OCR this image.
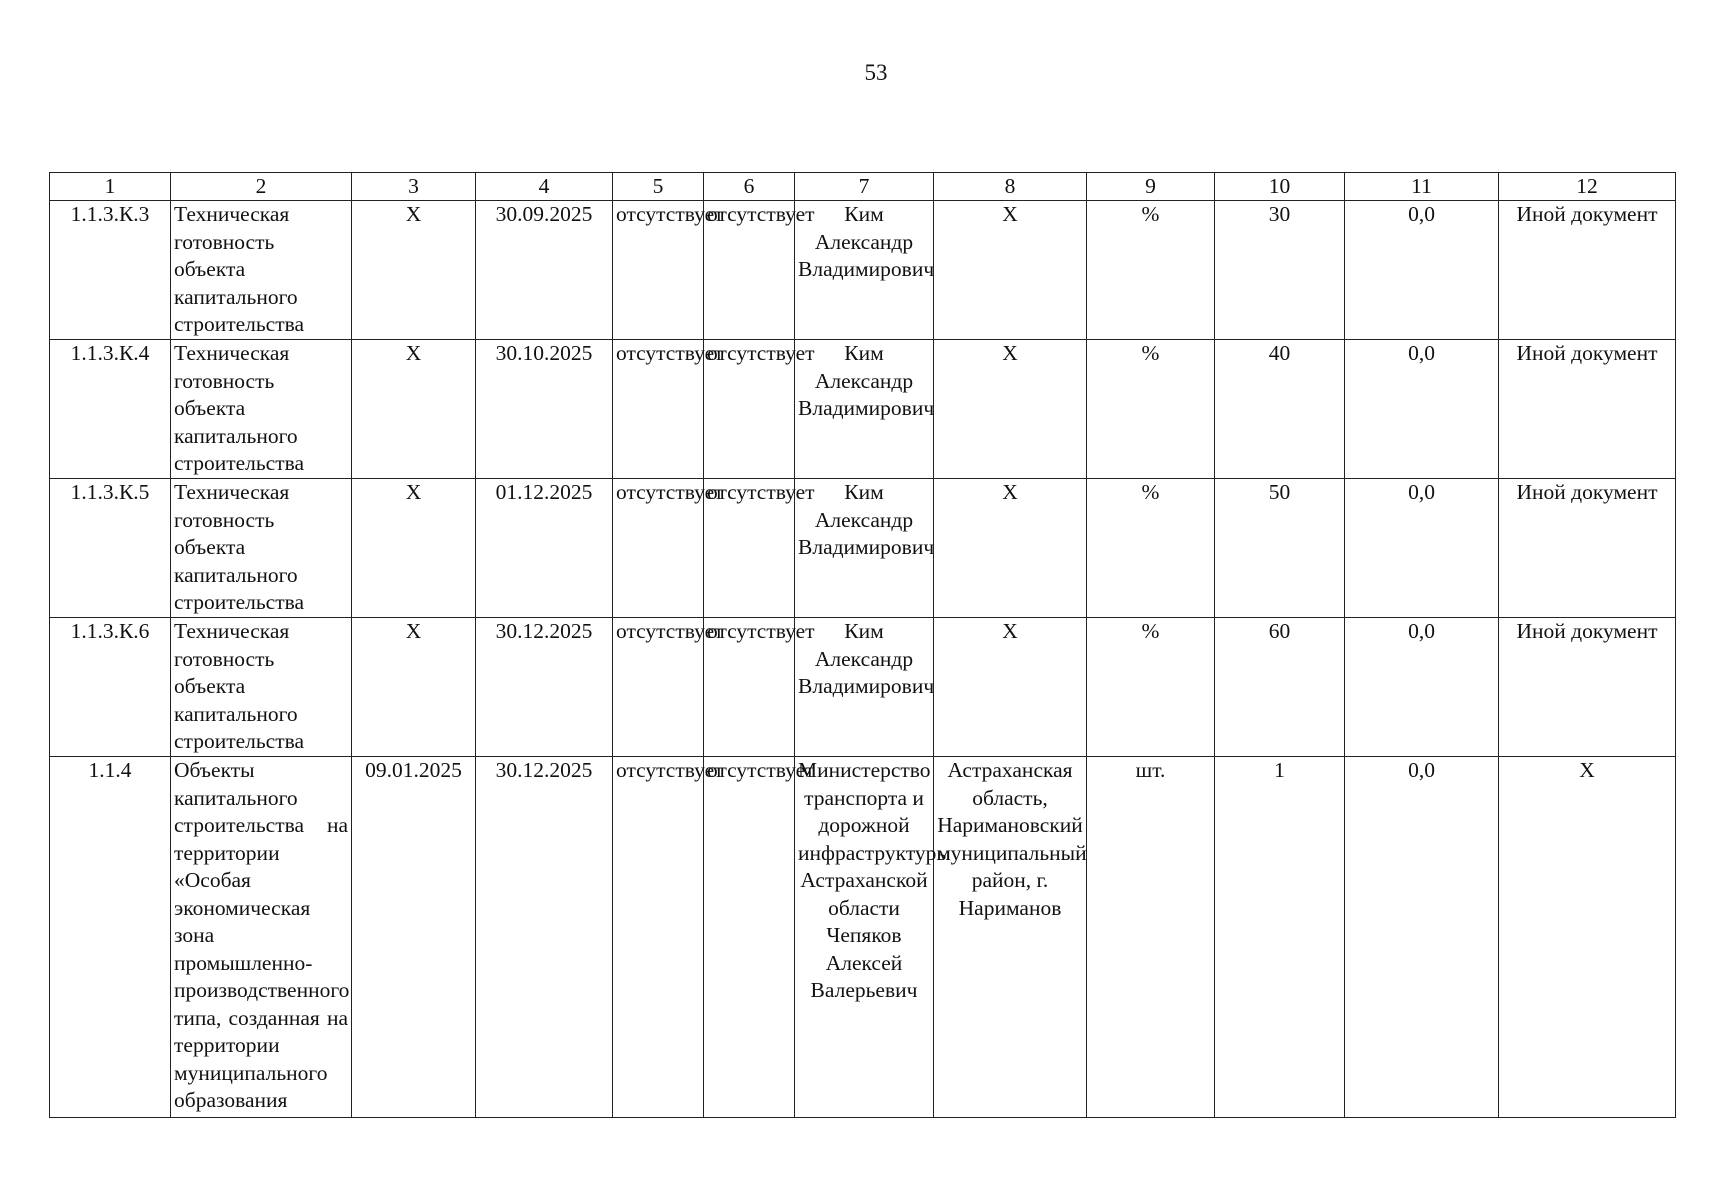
53
1	2	3	4	5	6	7	8	9	10	11	12
1.1.3.К.3	Техническая готовность объекта капитального строительства	Х	30.09.2025	отсутствует	отсутствует	Ким Александр Владимирович	Х	%	30	0,0	Иной документ
1.1.3.К.4	Техническая готовность объекта капитального строительства	Х	30.10.2025	отсутствует	отсутствует	Ким Александр Владимирович	Х	%	40	0,0	Иной документ
1.1.3.К.5	Техническая готовность объекта капитального строительства	Х	01.12.2025	отсутствует	отсутствует	Ким Александр Владимирович	Х	%	50	0,0	Иной документ
1.1.3.К.6	Техническая готовность объекта капитального строительства	Х	30.12.2025	отсутствует	отсутствует	Ким Александр Владимирович	Х	%	60	0,0	Иной документ
1.1.4	Объекты капитального строительства на территории «Особая экономическая зона промышленно-производственного типа, созданная на территории муниципального образования	09.01.2025	30.12.2025	отсутствует	отсутствует	Министерство транспорта и дорожной инфраструктуры Астраханской области Чепяков Алексей Валерьевич	Астраханская область, Наримановский муниципальный район, г. Нариманов	шт.	1	0,0	Х
